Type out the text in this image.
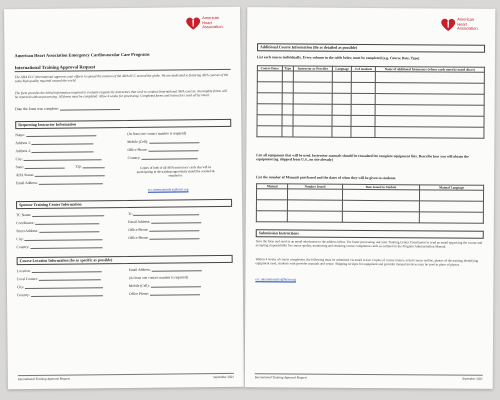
American
Heart
Association.
American Heart Association Emergency Cardiovascular Care Programs
International Training Approval Request
The AHA ECC International approves your efforts to spread the mission of the AHA ECC around the globe. We are dedicated to fostering AHA courses of the same high quality required around the world.
The form provides the initial information required to evaluate requests by instructors that wish to conduct International AHA courses. Incomplete forms will be returned without processing. All forms must be completed. Allow 4 weeks for processing. Completed forms and instructors send all by email.
Date the form was complete:
Requesting Instructor Information
Name:	(At least one contact number is required)
Address 1:	Mobile (Cell):
Address 2:	Office Phone:
City:	Country:
State:	Zip:
AHA Status:
Email Address:
Copies of both of all AHA instructors' cards that will be participating in the training opportunity should be scanned & emailed to:
ecc.internationalcs@heart.org
Sponsor Training Center Information
TC Name:	Tc:
Coordinator:	Email Address:
Street Address:	Office Phone:
City:	Office Phone:
Country:
Course Location Information (be as specific as possible)
Location:	Email Address:
Local Contact:	(At least one contact number is required)
City:	Mobile (Cell):
Country:	Office Phone:
International Training Approval Request	September 2021
American
Heart
Association.
Additional Course Information (Be as detailed as possible)
List each course individually. Every column in the table below must be completed (e.g. Course Date, Type)
Course Dates	Type	Instructor or Provider	Language	# of students	Name of additional Instructors (whose cards must be noted above)

List all equipment that will be used. Instructor manuals should be consulted for complete equipment lists. Describe how you will obtain the equipment (eg. shipped from U.S., on site already)
List the number of Manuals purchased and the dates of when they will be given to students.
Manual	Number Issued	Date Issued to Student	Manual Language

Submission Instructions
Save the form and send as an email attachment to the address below. For faster processing, ask your Training Center Coordinator to send an email approving the course and accepting responsibility for course quality, monitoring and retaining course completion cards as outlined in the Program Administration Manual.
Within 4 weeks of course completion, the following must be submitted via email to fax: Copies of course rosters, actual course outline, photos of the training identifying equipment used, students with provider manuals and venue. Shipping receipts for equipment and provider manual invoices may be used in place of photos.
ecc.internationalcs@heart.org
International Training Approval Request	September 2021
